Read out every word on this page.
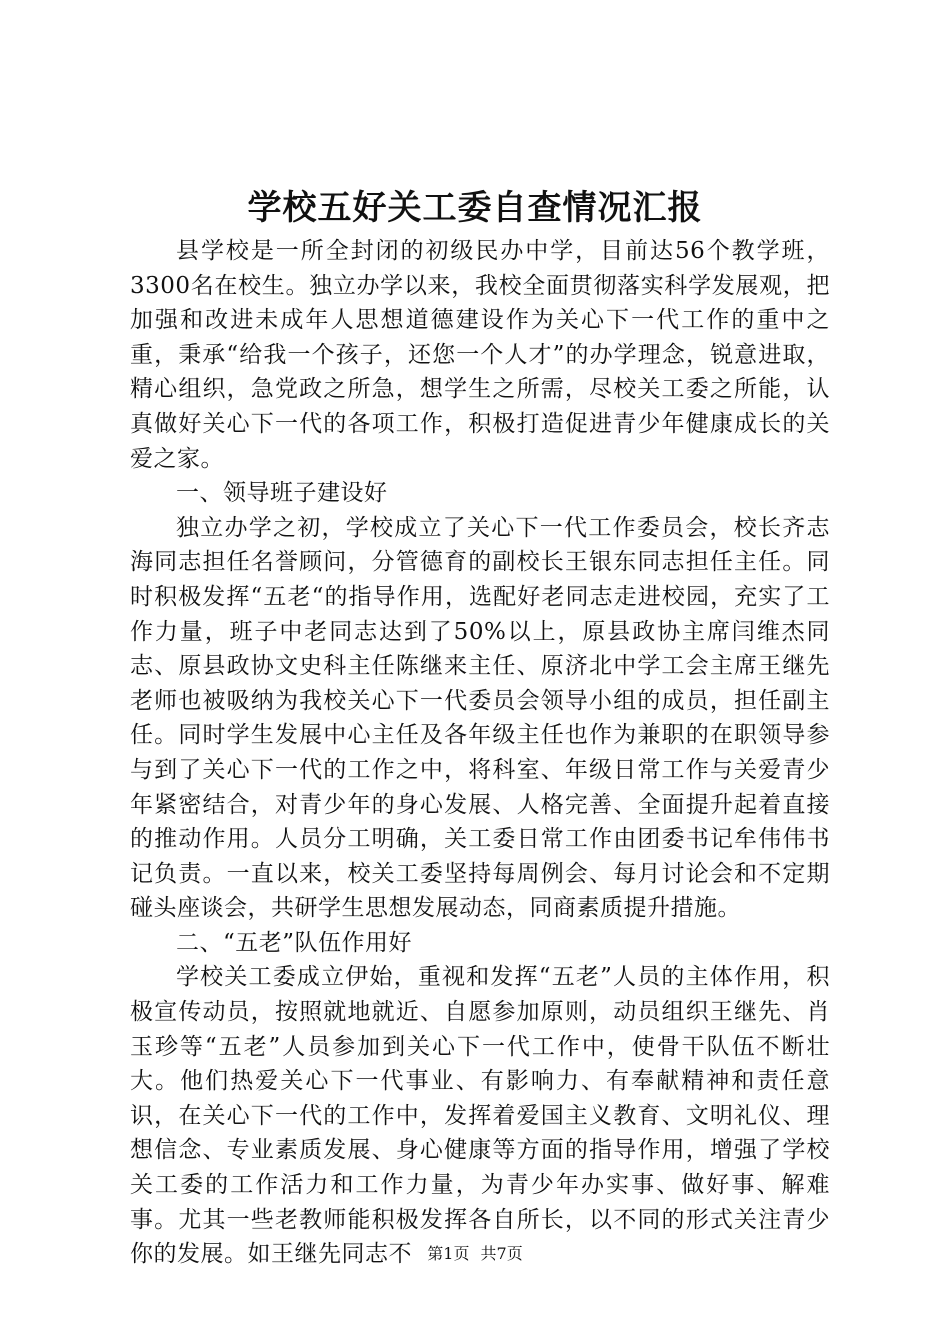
学校五好关工委自查情况汇报

县学校是一所全封闭的初级民办中学，目前达56个教学班，3300名在校生。独立办学以来，我校全面贯彻落实科学发展观，把加强和改进未成年人思想道德建设作为关心下一代工作的重中之重，秉承“给我一个孩子，还您一个人才”的办学理念，锐意进取，精心组织，急党政之所急，想学生之所需，尽校关工委之所能，认真做好关心下一代的各项工作，积极打造促进青少年健康成长的关爱之家。

一、领导班子建设好

独立办学之初，学校成立了关心下一代工作委员会，校长齐志海同志担任名誉顾问，分管德育的副校长王银东同志担任主任。同时积极发挥“五老“的指导作用，选配好老同志走进校园，充实了工作力量，班子中老同志达到了50%以上，原县政协主席闫维杰同志、原县政协文史科主任陈继来主任、原济北中学工会主席王继先老师也被吸纳为我校关心下一代委员会领导小组的成员，担任副主任。同时学生发展中心主任及各年级主任也作为兼职的在职领导参与到了关心下一代的工作之中，将科室、年级日常工作与关爱青少年紧密结合，对青少年的身心发展、人格完善、全面提升起着直接的推动作用。人员分工明确，关工委日常工作由团委书记牟伟伟书记负责。一直以来，校关工委坚持每周例会、每月讨论会和不定期碰头座谈会，共研学生思想发展动态，同商素质提升措施。

二、“五老”队伍作用好

学校关工委成立伊始，重视和发挥“五老”人员的主体作用，积极宣传动员，按照就地就近、自愿参加原则，动员组织王继先、肖玉珍等“五老”人员参加到关心下一代工作中，使骨干队伍不断壮大。他们热爱关心下一代事业、有影响力、有奉献精神和责任意识，在关心下一代的工作中，发挥着爱国主义教育、文明礼仪、理想信念、专业素质发展、身心健康等方面的指导作用，增强了学校关工委的工作活力和工作力量，为青少年办实事、做好事、解难事。尤其一些老教师能积极发挥各自所长，以不同的形式关注青少你的发展。如王继先同志不 第1页 共7页
